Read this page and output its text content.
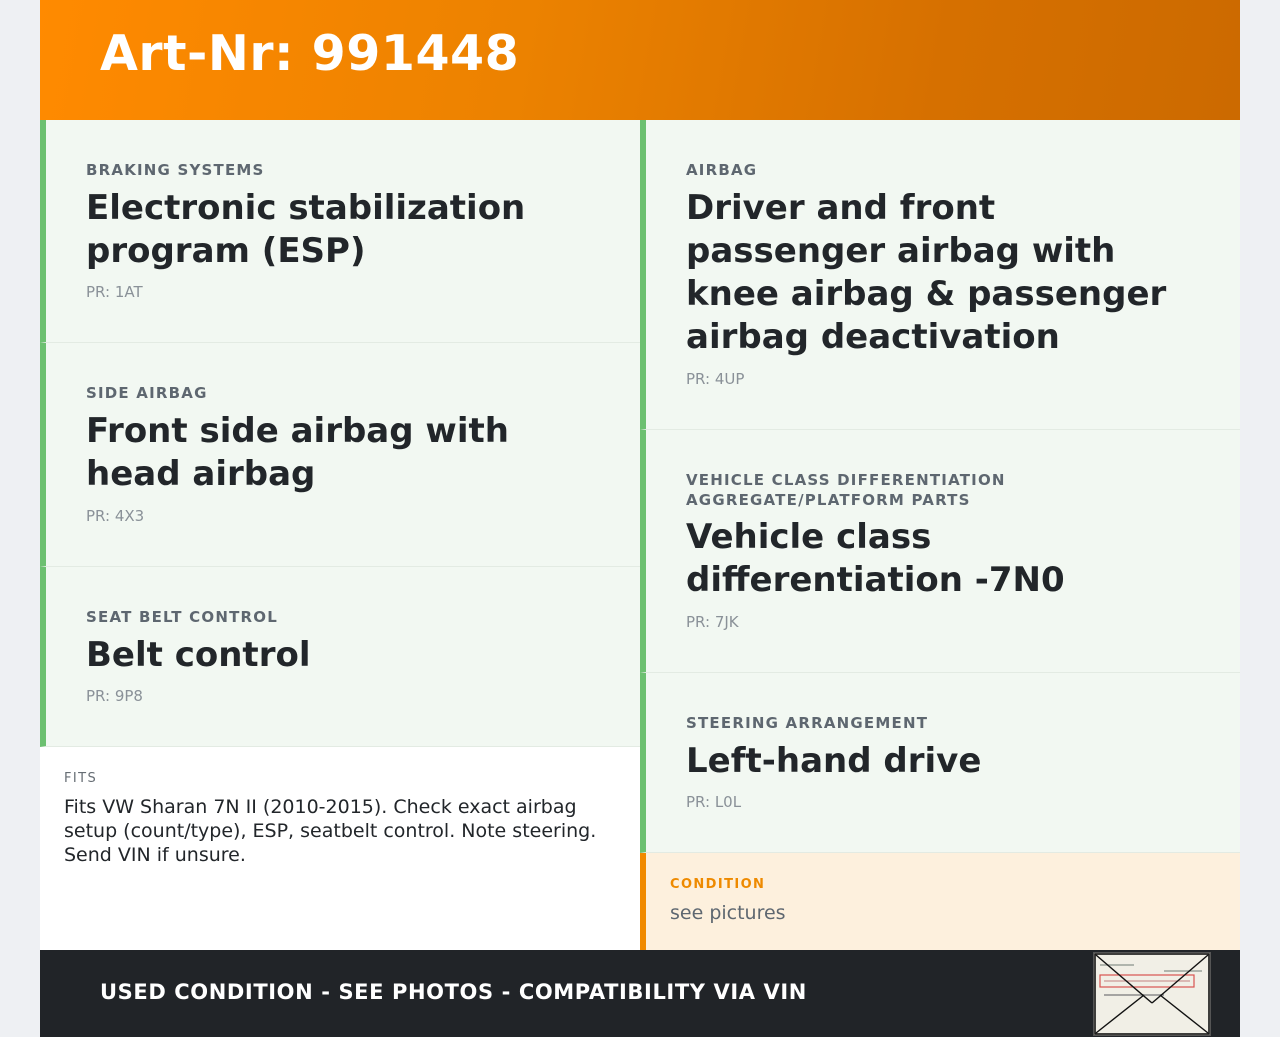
Art-Nr: 991448
BRAKING SYSTEMS
Electronic stabilization program (ESP)
PR: 1AT
SIDE AIRBAG
Front side airbag with head airbag
PR: 4X3
SEAT BELT CONTROL
Belt control
PR: 9P8
AIRBAG
Driver and front passenger airbag with knee airbag & passenger airbag deactivation
PR: 4UP
VEHICLE CLASS DIFFERENTIATION AGGREGATE/PLATFORM PARTS
Vehicle class differentiation -7N0
PR: 7JK
STEERING ARRANGEMENT
Left-hand drive
PR: L0L
FITS
Fits VW Sharan 7N II (2010-2015). Check exact airbag setup (count/type), ESP, seatbelt control. Note steering. Send VIN if unsure.
CONDITION
see pictures
USED CONDITION - SEE PHOTOS - COMPATIBILITY VIA VIN
